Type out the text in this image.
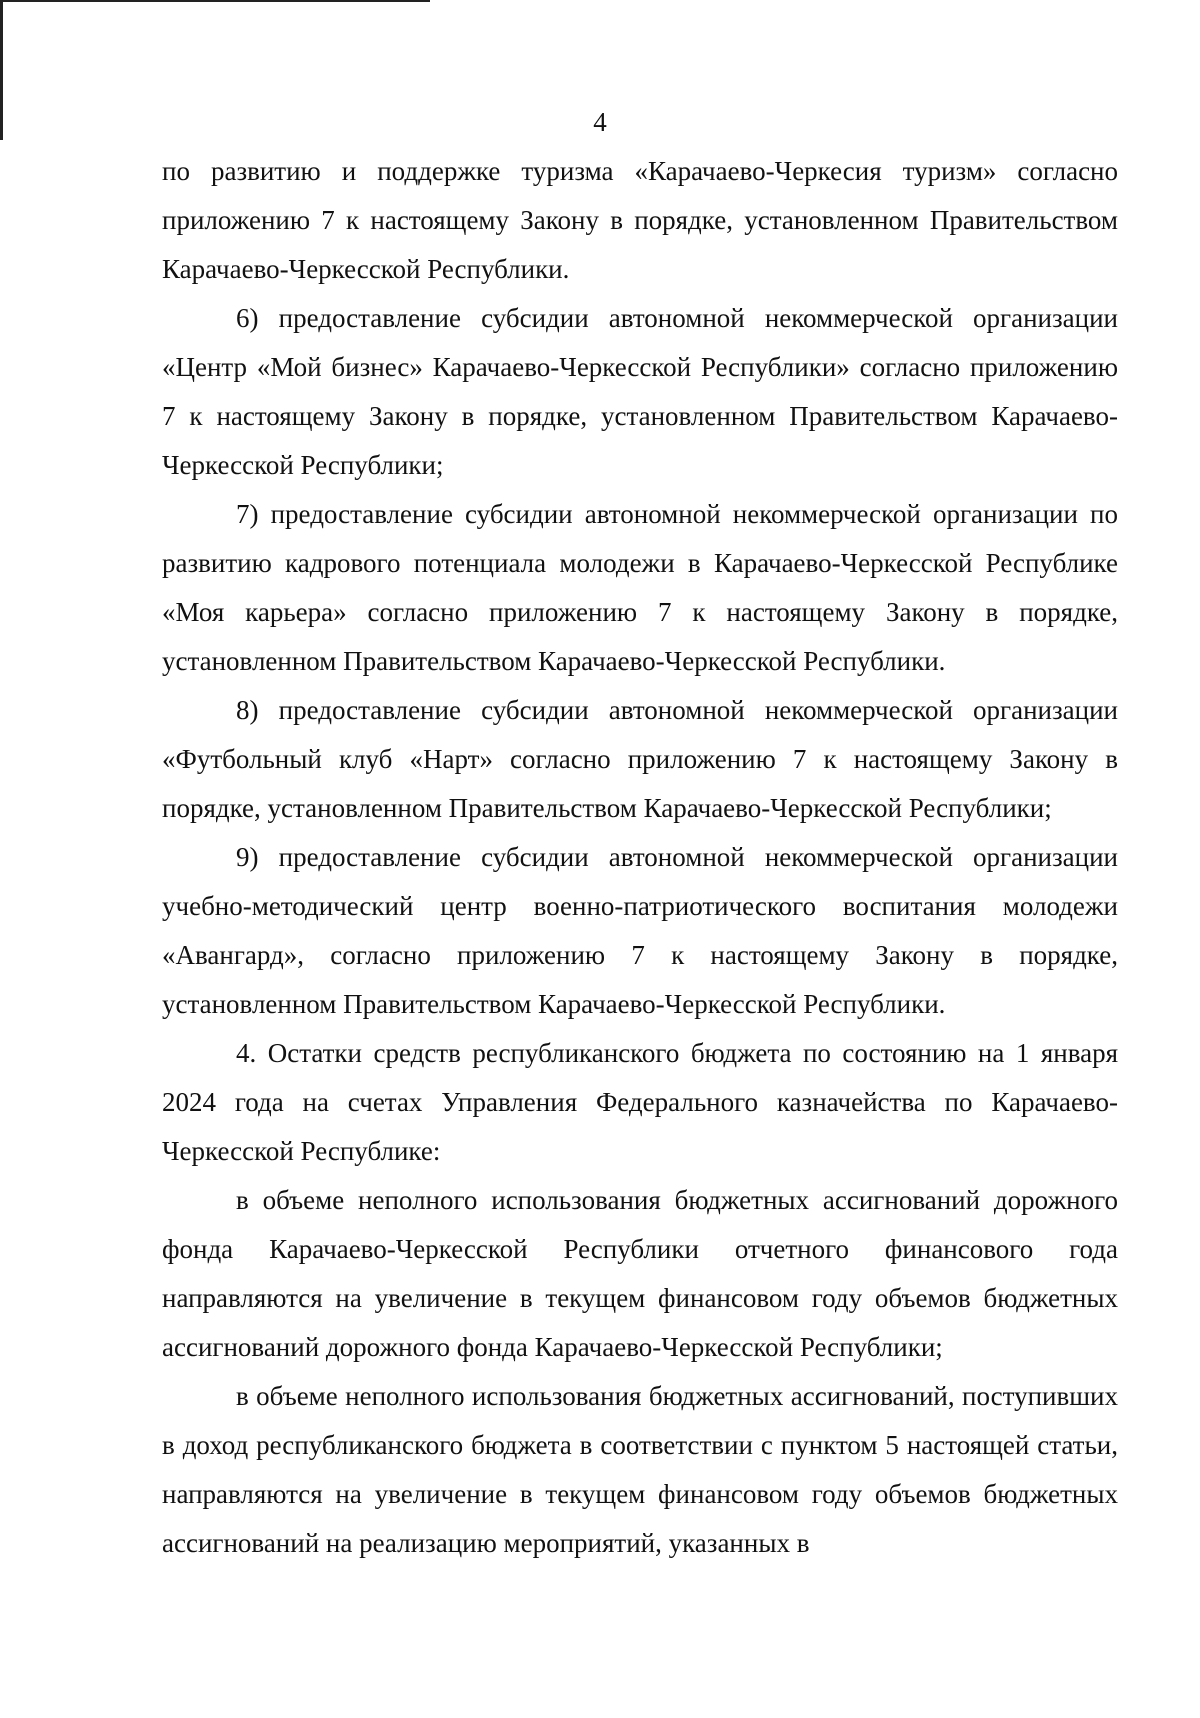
4

по развитию и поддержке туризма «Карачаево-Черкесия туризм» согласно приложению 7 к настоящему Закону в порядке, установленном Правительством Карачаево-Черкесской Республики.

6) предоставление субсидии автономной некоммерческой организации «Центр «Мой бизнес» Карачаево-Черкесской Республики» согласно приложению 7 к настоящему Закону в порядке, установленном Правительством Карачаево-Черкесской Республики;

7) предоставление субсидии автономной некоммерческой организации по развитию кадрового потенциала молодежи в Карачаево-Черкесской Республике «Моя карьера» согласно приложению 7 к настоящему Закону в порядке, установленном Правительством Карачаево-Черкесской Республики.

8) предоставление субсидии автономной некоммерческой организации «Футбольный клуб «Нарт» согласно приложению 7 к настоящему Закону в порядке, установленном Правительством Карачаево-Черкесской Республики;

9) предоставление субсидии автономной некоммерческой организации учебно-методический центр военно-патриотического воспитания молодежи «Авангард», согласно приложению 7 к настоящему Закону в порядке, установленном Правительством Карачаево-Черкесской Республики.

4. Остатки средств республиканского бюджета по состоянию на 1 января 2024 года на счетах Управления Федерального казначейства по Карачаево-Черкесской Республике:

в объеме неполного использования бюджетных ассигнований дорожного фонда Карачаево-Черкесской Республики отчетного финансового года направляются на увеличение в текущем финансовом году объемов бюджетных ассигнований дорожного фонда Карачаево-Черкесской Республики;

в объеме неполного использования бюджетных ассигнований, поступивших в доход республиканского бюджета в соответствии с пунктом 5 настоящей статьи, направляются на увеличение в текущем финансовом году объемов бюджетных ассигнований на реализацию мероприятий, указанных в
